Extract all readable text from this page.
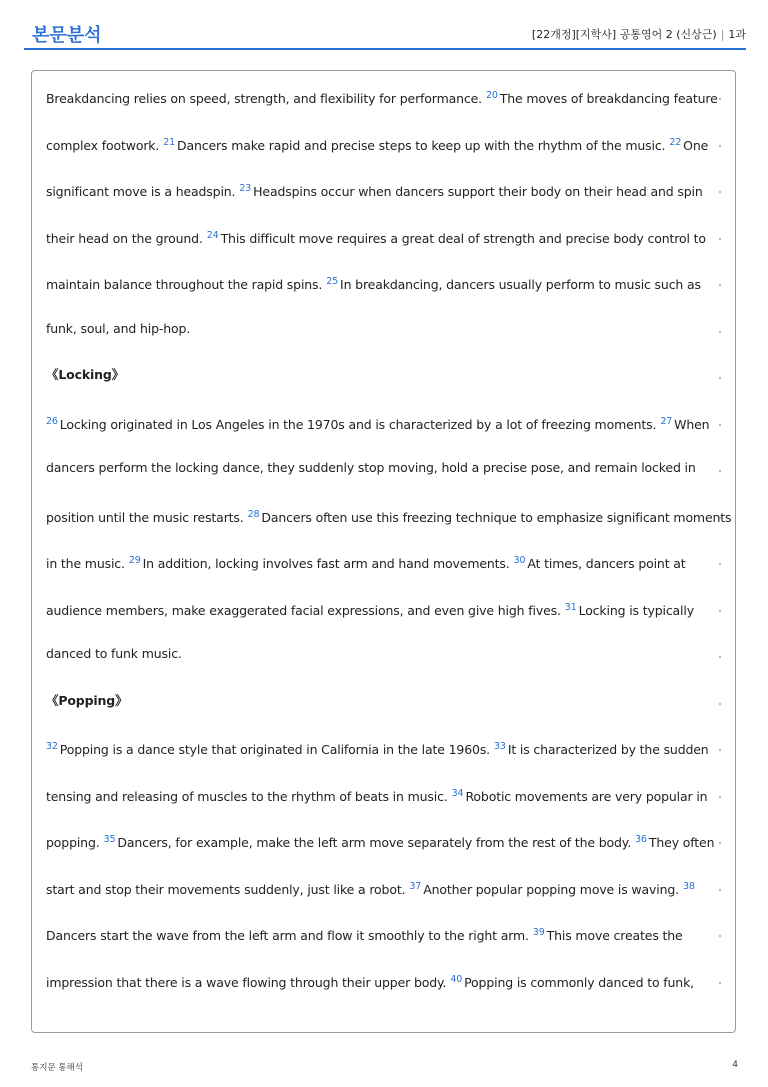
본문분석	[22개정][지학사] 공통영어 2 (신상근) | 1과
Breakdancing relies on speed, strength, and flexibility for performance. $^{20}$ The moves of breakdancing feature
complex footwork. $^{21}$ Dancers make rapid and precise steps to keep up with the rhythm of the music. $^{22}$ One
significant move is a headspin. $^{23}$ Headspins occur when dancers support their body on their head and spin
their head on the ground. $^{24}$ This difficult move requires a great deal of strength and precise body control to
maintain balance throughout the rapid spins. $^{25}$ In breakdancing, dancers usually perform to music such as
funk, soul, and hip-hop.
《Locking》
$^{26}$ Locking originated in Los Angeles in the 1970s and is characterized by a lot of freezing moments. $^{27}$ When
dancers perform the locking dance, they suddenly stop moving, hold a precise pose, and remain locked in
position until the music restarts. $^{28}$ Dancers often use this freezing technique to emphasize significant moments
in the music. $^{29}$ In addition, locking involves fast arm and hand movements. $^{30}$ At times, dancers point at
audience members, make exaggerated facial expressions, and even give high fives. $^{31}$ Locking is typically
danced to funk music.
《Popping》
$^{32}$ Popping is a dance style that originated in California in the late 1960s. $^{33}$ It is characterized by the sudden
tensing and releasing of muscles to the rhythm of beats in music. $^{34}$ Robotic movements are very popular in
popping. $^{35}$ Dancers, for example, make the left arm move separately from the rest of the body. $^{36}$ They often
start and stop their movements suddenly, just like a robot. $^{37}$ Another popular popping move is waving. $^{38}$
Dancers start the wave from the left arm and flow it smoothly to the right arm. $^{39}$ This move creates the
impression that there is a wave flowing through their upper body. $^{40}$ Popping is commonly danced to funk,
통지문 통해석	4
